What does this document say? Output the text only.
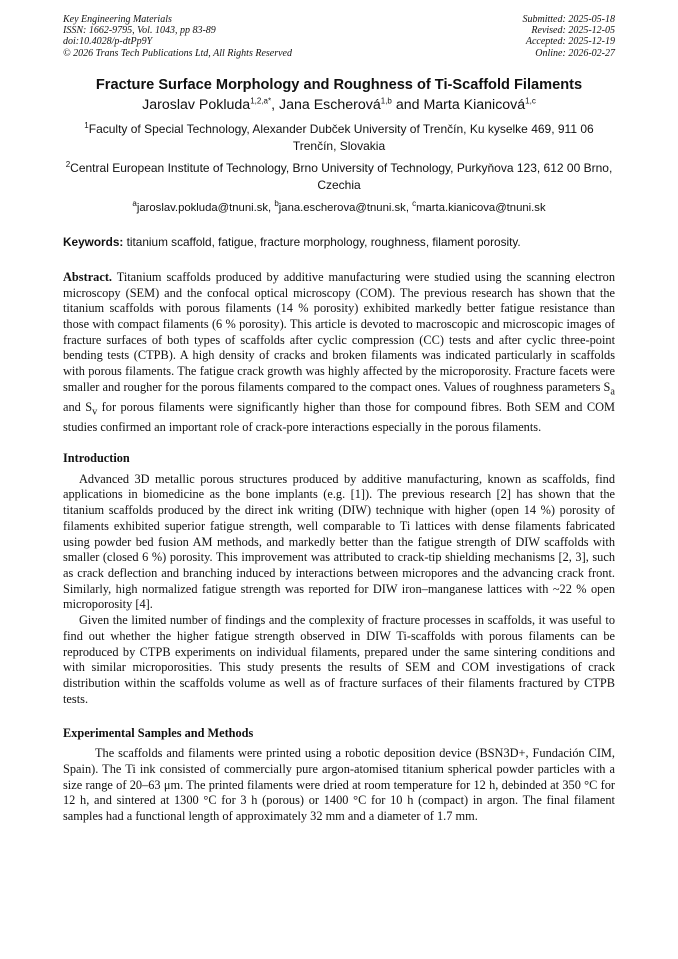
Key Engineering Materials
ISSN: 1662-9795, Vol. 1043, pp 83-89
doi:10.4028/p-dtPp9Y
© 2026 Trans Tech Publications Ltd, All Rights Reserved
Submitted: 2025-05-18
Revised: 2025-12-05
Accepted: 2025-12-19
Online: 2026-02-27
Fracture Surface Morphology and Roughness of Ti-Scaffold Filaments
Jaroslav Pokluda$^{1,2,a*}$, Jana Escherová$^{1,b}$ and Marta Kianicová$^{1,c}$
$^1$Faculty of Special Technology, Alexander Dubček University of Trenčín, Ku kyselke 469, 911 06 Trenčín, Slovakia
$^2$Central European Institute of Technology, Brno University of Technology, Purkyňova 123, 612 00 Brno, Czechia
$^a$jaroslav.pokluda@tnuni.sk, $^b$jana.escherova@tnuni.sk, $^c$marta.kianicova@tnuni.sk
Keywords: titanium scaffold, fatigue, fracture morphology, roughness, filament porosity.

Abstract. Titanium scaffolds produced by additive manufacturing were studied using the scanning electron microscopy (SEM) and the confocal optical microscopy (COM). The previous research has shown that the titanium scaffolds with porous filaments (14 % porosity) exhibited markedly better fatigue resistance than those with compact filaments (6 % porosity). This article is devoted to macroscopic and microscopic images of fracture surfaces of both types of scaffolds after cyclic compression (CC) tests and after cyclic three-point bending tests (CTPB). A high density of cracks and broken filaments was indicated particularly in scaffolds with porous filaments. The fatigue crack growth was highly affected by the microporosity. Fracture facets were smaller and rougher for the porous filaments compared to the compact ones. Values of roughness parameters $S_a$ and $S_v$ for porous filaments were significantly higher than those for compound fibres. Both SEM and COM studies confirmed an important role of crack-pore interactions especially in the porous filaments.

Introduction

Advanced 3D metallic porous structures produced by additive manufacturing, known as scaffolds, find applications in biomedicine as the bone implants (e.g. [1]). The previous research [2] has shown that the titanium scaffolds produced by the direct ink writing (DIW) technique with higher (open 14 %) porosity of filaments exhibited superior fatigue strength, well comparable to Ti lattices with dense filaments fabricated using powder bed fusion AM methods, and markedly better than the fatigue strength of DIW scaffolds with smaller (closed 6 %) porosity. This improvement was attributed to crack-tip shielding mechanisms [2, 3], such as crack deflection and branching induced by interactions between micropores and the advancing crack front. Similarly, high normalized fatigue strength was reported for DIW iron–manganese lattices with ~22 % open microporosity [4].

Given the limited number of findings and the complexity of fracture processes in scaffolds, it was useful to find out whether the higher fatigue strength observed in DIW Ti-scaffolds with porous filaments can be reproduced by CTPB experiments on individual filaments, prepared under the same sintering conditions and with similar microporosities. This study presents the results of SEM and COM investigations of crack distribution within the scaffolds volume as well as of fracture surfaces of their filaments fractured by CTPB tests.

Experimental Samples and Methods

The scaffolds and filaments were printed using a robotic deposition device (BSN3D+, Fundación CIM, Spain). The Ti ink consisted of commercially pure argon-atomised titanium spherical powder particles with a size range of 20–63 μm. The printed filaments were dried at room temperature for 12 h, debinded at 350 °C for 12 h, and sintered at 1300 °C for 3 h (porous) or 1400 °C for 10 h (compact) in argon. The final filament samples had a functional length of approximately 32 mm and a diameter of 1.7 mm.
